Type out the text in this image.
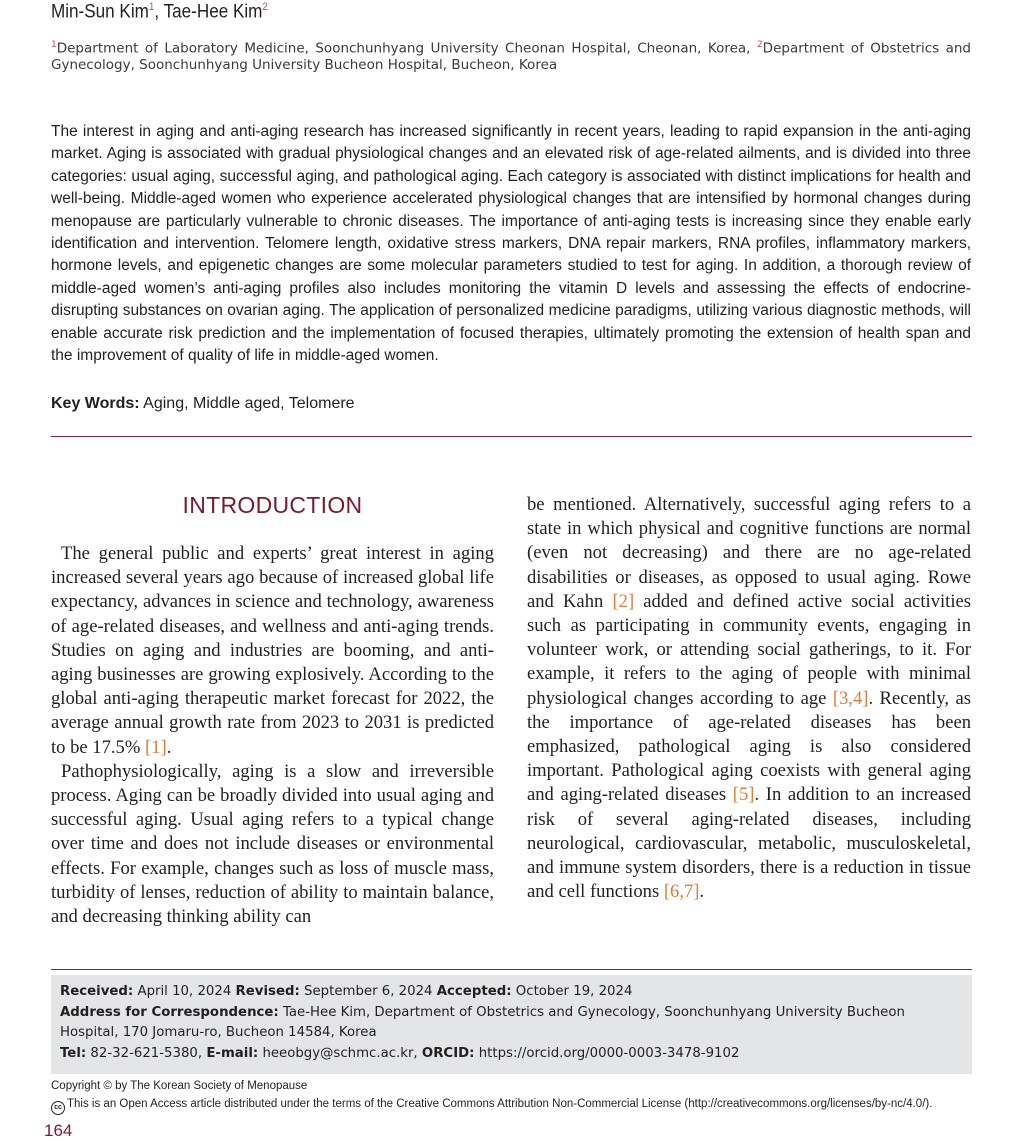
Min-Sun Kim$^1$, Tae-Hee Kim$^2$
$^1$Department of Laboratory Medicine, Soonchunhyang University Cheonan Hospital, Cheonan, Korea, $^2$Department of Obstetrics and Gynecology, Soonchunhyang University Bucheon Hospital, Bucheon, Korea

The interest in aging and anti-aging research has increased significantly in recent years, leading to rapid expansion in the anti-aging market. Aging is associated with gradual physiological changes and an elevated risk of age-related ailments, and is divided into three categories: usual aging, successful aging, and pathological aging. Each category is associated with distinct implications for health and well-being. Middle-aged women who experience accelerated physiological changes that are intensified by hormonal changes during menopause are particularly vulnerable to chronic diseases. The importance of anti-aging tests is increasing since they enable early identification and intervention. Telomere length, oxidative stress markers, DNA repair markers, RNA profiles, inflammatory markers, hormone levels, and epigenetic changes are some molecular parameters studied to test for aging. In addition, a thorough review of middle-aged women’s anti-aging profiles also includes monitoring the vitamin D levels and assessing the effects of endocrine-disrupting substances on ovarian aging. The application of personalized medicine paradigms, utilizing various diagnostic methods, will enable accurate risk prediction and the implementation of focused therapies, ultimately promoting the extension of health span and the improvement of quality of life in middle-aged women.

Key Words: Aging, Middle aged, Telomere
INTRODUCTION

The general public and experts’ great interest in aging increased several years ago because of increased global life expectancy, advances in science and technology, awareness of age-related diseases, and wellness and anti-aging trends. Studies on aging and industries are booming, and anti-aging businesses are growing explosively. According to the global anti-aging therapeutic market forecast for 2022, the average annual growth rate from 2023 to 2031 is predicted to be 17.5% [1].

Pathophysiologically, aging is a slow and irreversible process. Aging can be broadly divided into usual aging and successful aging. Usual aging refers to a typical change over time and does not include diseases or environmental effects. For example, changes such as loss of muscle mass, turbidity of lenses, reduction of ability to maintain balance, and decreasing thinking ability can

be mentioned. Alternatively, successful aging refers to a state in which physical and cognitive functions are normal (even not decreasing) and there are no age-related disabilities or diseases, as opposed to usual aging. Rowe and Kahn [2] added and defined active social activities such as participating in community events, engaging in volunteer work, or attending social gatherings, to it. For example, it refers to the aging of people with minimal physiological changes according to age [3,4]. Recently, as the importance of age-related diseases has been emphasized, pathological aging is also considered important. Pathological aging coexists with general aging and aging-related diseases [5]. In addition to an increased risk of several aging-related diseases, including neurological, cardiovascular, metabolic, musculoskeletal, and immune system disorders, there is a reduction in tissue and cell functions [6,7].

Received: April 10, 2024 Revised: September 6, 2024 Accepted: October 19, 2024
Address for Correspondence: Tae-Hee Kim, Department of Obstetrics and Gynecology, Soonchunhyang University Bucheon Hospital, 170 Jomaru-ro, Bucheon 14584, Korea
Tel: 82-32-621-5380, E-mail: heeobgy@schmc.ac.kr, ORCID: https://orcid.org/0000-0003-3478-9102
Copyright © by The Korean Society of Menopause
cc This is an Open Access article distributed under the terms of the Creative Commons Attribution Non-Commercial License (http://creativecommons.org/licenses/by-nc/4.0/).
164
